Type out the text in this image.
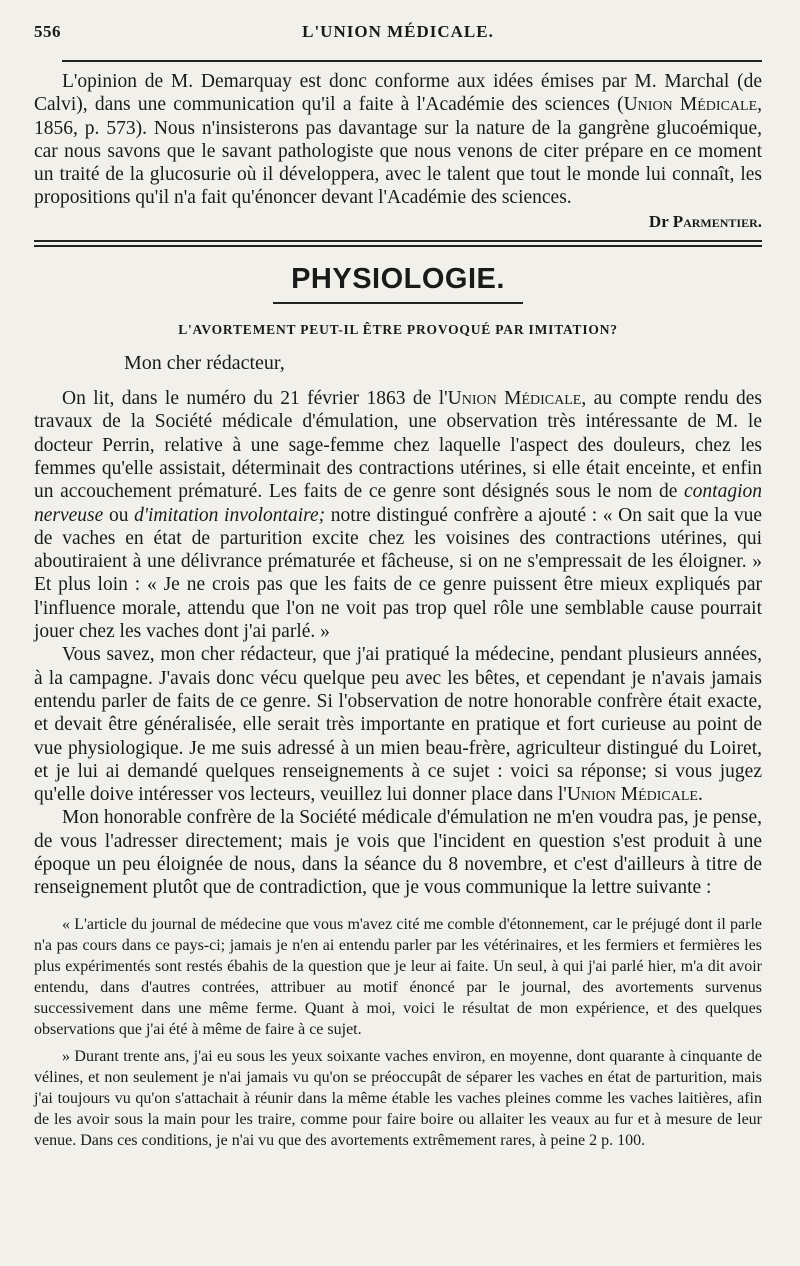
556	L'UNION MÉDICALE.

L'opinion de M. Demarquay est donc conforme aux idées émises par M. Marchal (de Calvi), dans une communication qu'il a faite à l'Académie des sciences (Union Médicale, 1856, p. 573). Nous n'insisterons pas davantage sur la nature de la gangrène glucoémique, car nous savons que le savant pathologiste que nous venons de citer prépare en ce moment un traité de la glucosurie où il développera, avec le talent que tout le monde lui connaît, les propositions qu'il n'a fait qu'énoncer devant l'Académie des sciences.

Dr Parmentier.
PHYSIOLOGIE.
L'AVORTEMENT PEUT-IL ÊTRE PROVOQUÉ PAR IMITATION?

Mon cher rédacteur,

On lit, dans le numéro du 21 février 1863 de l'Union Médicale, au compte rendu des travaux de la Société médicale d'émulation, une observation très intéressante de M. le docteur Perrin, relative à une sage-femme chez laquelle l'aspect des douleurs, chez les femmes qu'elle assistait, déterminait des contractions utérines, si elle était enceinte, et enfin un accouchement prématuré. Les faits de ce genre sont désignés sous le nom de contagion nerveuse ou d'imitation involontaire; notre distingué confrère a ajouté : « On sait que la vue de vaches en état de parturition excite chez les voisines des contractions utérines, qui aboutiraient à une délivrance prématurée et fâcheuse, si on ne s'empressait de les éloigner. » Et plus loin : « Je ne crois pas que les faits de ce genre puissent être mieux expliqués par l'influence morale, attendu que l'on ne voit pas trop quel rôle une semblable cause pourrait jouer chez les vaches dont j'ai parlé. »

Vous savez, mon cher rédacteur, que j'ai pratiqué la médecine, pendant plusieurs années, à la campagne. J'avais donc vécu quelque peu avec les bêtes, et cependant je n'avais jamais entendu parler de faits de ce genre. Si l'observation de notre honorable confrère était exacte, et devait être généralisée, elle serait très importante en pratique et fort curieuse au point de vue physiologique. Je me suis adressé à un mien beau-frère, agriculteur distingué du Loiret, et je lui ai demandé quelques renseignements à ce sujet : voici sa réponse; si vous jugez qu'elle doive intéresser vos lecteurs, veuillez lui donner place dans l'Union Médicale.

Mon honorable confrère de la Société médicale d'émulation ne m'en voudra pas, je pense, de vous l'adresser directement; mais je vois que l'incident en question s'est produit à une époque un peu éloignée de nous, dans la séance du 8 novembre, et c'est d'ailleurs à titre de renseignement plutôt que de contradiction, que je vous communique la lettre suivante :

« L'article du journal de médecine que vous m'avez cité me comble d'étonnement, car le préjugé dont il parle n'a pas cours dans ce pays-ci; jamais je n'en ai entendu parler par les vétérinaires, et les fermiers et fermières les plus expérimentés sont restés ébahis de la question que je leur ai faite. Un seul, à qui j'ai parlé hier, m'a dit avoir entendu, dans d'autres contrées, attribuer au motif énoncé par le journal, des avortements survenus successivement dans une même ferme. Quant à moi, voici le résultat de mon expérience, et des quelques observations que j'ai été à même de faire à ce sujet.

» Durant trente ans, j'ai eu sous les yeux soixante vaches environ, en moyenne, dont quarante à cinquante de vélines, et non seulement je n'ai jamais vu qu'on se préoccupât de séparer les vaches en état de parturition, mais j'ai toujours vu qu'on s'attachait à réunir dans la même étable les vaches pleines comme les vaches laitières, afin de les avoir sous la main pour les traire, comme pour faire boire ou allaiter les veaux au fur et à mesure de leur venue. Dans ces conditions, je n'ai vu que des avortements extrêmement rares, à peine 2 p. 100.
